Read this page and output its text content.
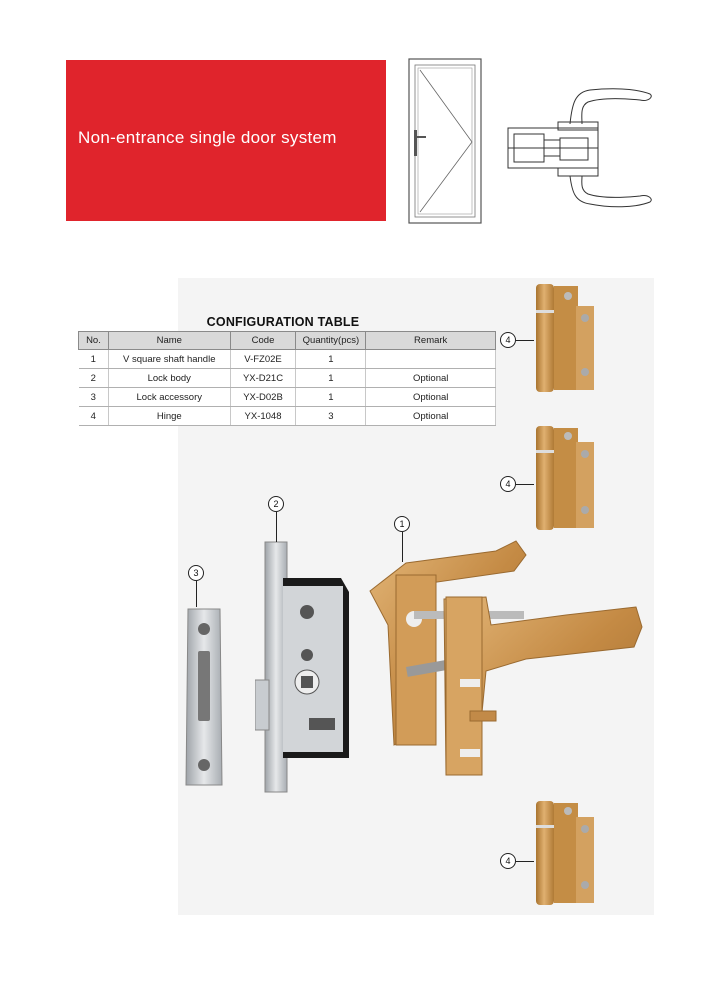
Non-entrance single door system
CONFIGURATION TABLE
No.	Name	Code	Quantity(pcs)	Remark
1	V square shaft handle	V-FZ02E	1	
2	Lock body	YX-D21C	1	Optional
3	Lock accessory	YX-D02B	1	Optional
4	Hinge	YX-1048	3	Optional
4
4
4
1
2
3
